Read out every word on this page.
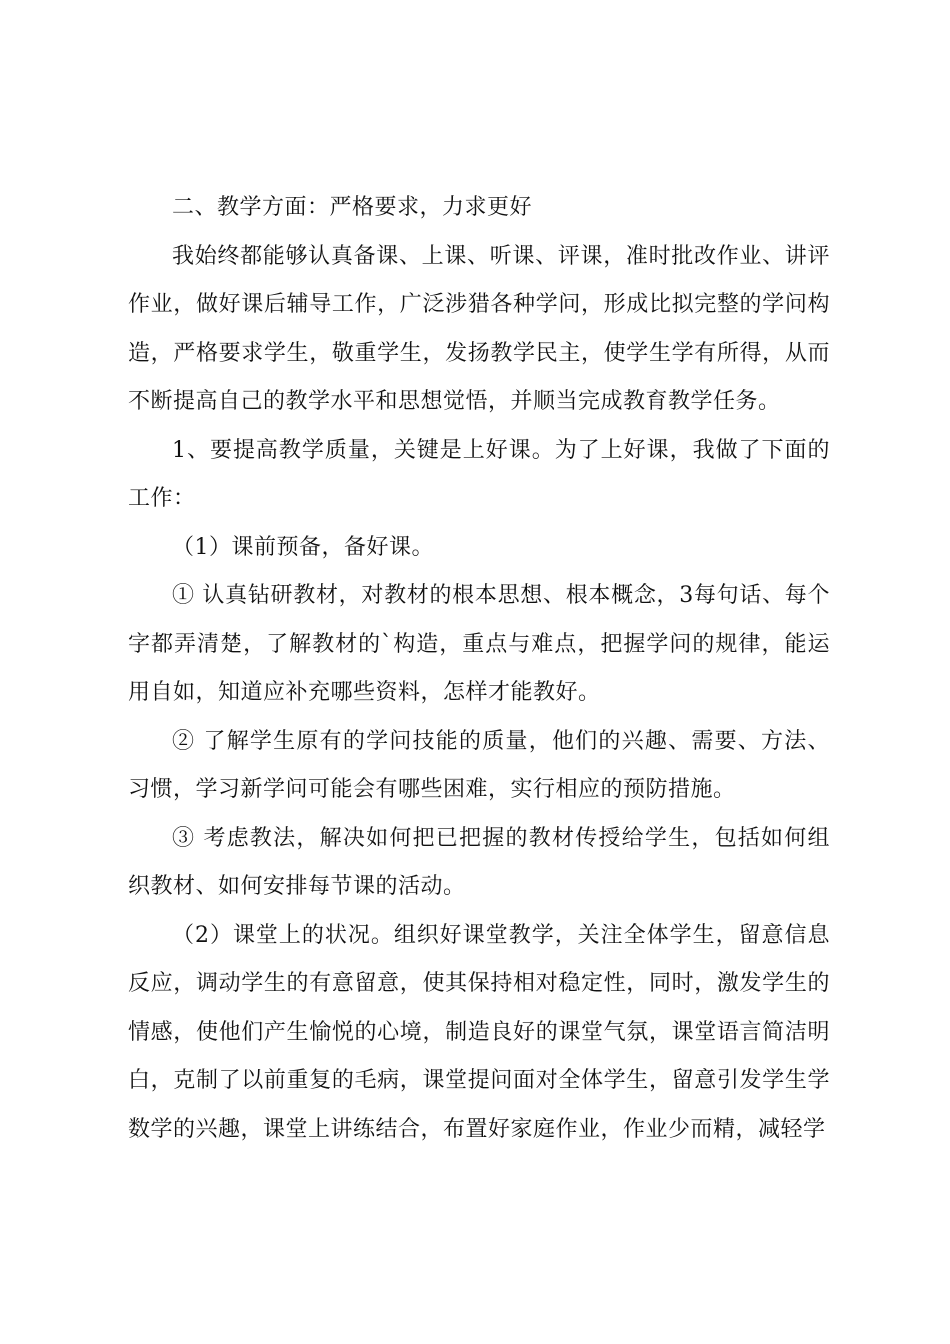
二、教学方面：严格要求，力求更好

我始终都能够认真备课、上课、听课、评课，准时批改作业、讲评作业，做好课后辅导工作，广泛涉猎各种学问，形成比拟完整的学问构造，严格要求学生，敬重学生，发扬教学民主，使学生学有所得，从而不断提高自己的教学水平和思想觉悟，并顺当完成教育教学任务。

1、要提高教学质量，关键是上好课。为了上好课，我做了下面的工作：

（1）课前预备，备好课。

① 认真钻研教材，对教材的根本思想、根本概念，3每句话、每个字都弄清楚，了解教材的`构造，重点与难点，把握学问的规律，能运用自如，知道应补充哪些资料，怎样才能教好。

② 了解学生原有的学问技能的质量，他们的兴趣、需要、方法、习惯，学习新学问可能会有哪些困难，实行相应的预防措施。

③ 考虑教法，解决如何把已把握的教材传授给学生，包括如何组织教材、如何安排每节课的活动。

（2）课堂上的状况。组织好课堂教学，关注全体学生，留意信息反应，调动学生的有意留意，使其保持相对稳定性，同时，激发学生的情感，使他们产生愉悦的心境，制造良好的课堂气氛，课堂语言简洁明白，克制了以前重复的毛病，课堂提问面对全体学生，留意引发学生学数学的兴趣，课堂上讲练结合，布置好家庭作业，作业少而精，减轻学
